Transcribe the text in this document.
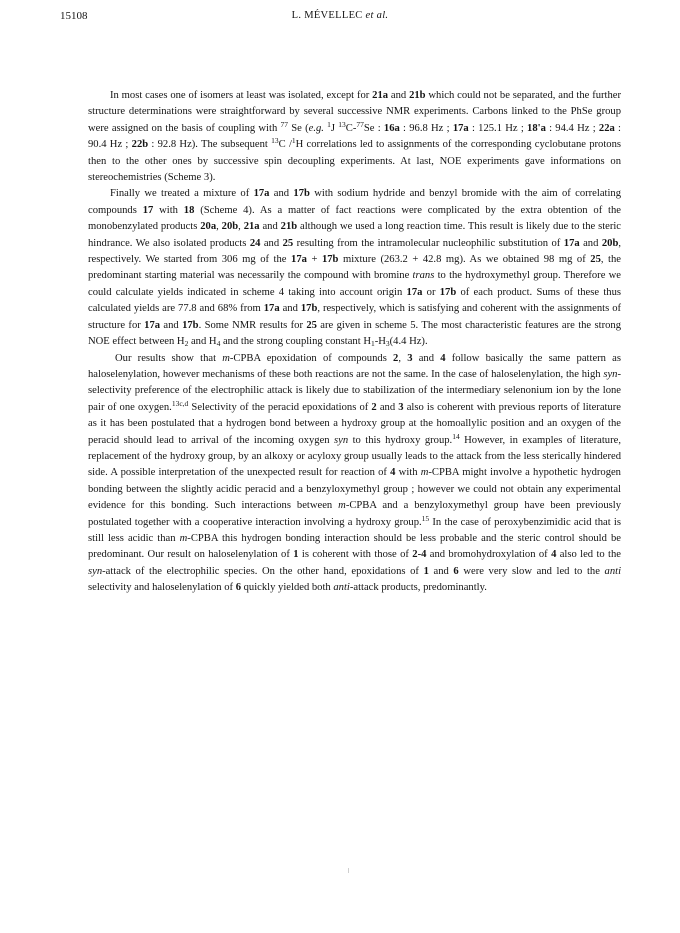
15108	L. MÉVELLEC et al.

In most cases one of isomers at least was isolated, except for 21a and 21b which could not be separated, and the further structure determinations were straightforward by several successive NMR experiments. Carbons linked to the PhSe group were assigned on the basis of coupling with $^{77}$ Se (e.g. $^1$J $^{13}$C-$^{77}$Se : 16a : 96.8 Hz ; 17a : 125.1 Hz ; 18'a : 94.4 Hz ; 22a : 90.4 Hz ; 22b : 92.8 Hz). The subsequent $^{13}$C /$^1$H correlations led to assignments of the corresponding cyclobutane protons then to the other ones by successive spin decoupling experiments. At last, NOE experiments gave informations on stereochemistries (Scheme 3).

Finally we treated a mixture of 17a and 17b with sodium hydride and benzyl bromide with the aim of correlating compounds 17 with 18 (Scheme 4). As a matter of fact reactions were complicated by the extra obtention of the monobenzylated products 20a, 20b, 21a and 21b although we used a long reaction time. This result is likely due to the steric hindrance. We also isolated products 24 and 25 resulting from the intramolecular nucleophilic substitution of 17a and 20b, respectively. We started from 306 mg of the 17a + 17b mixture (263.2 + 42.8 mg). As we obtained 98 mg of 25, the predominant starting material was necessarily the compound with bromine trans to the hydroxymethyl group. Therefore we could calculate yields indicated in scheme 4 taking into account origin 17a or 17b of each product. Sums of these thus calculated yields are 77.8 and 68% from 17a and 17b, respectively, which is satisfying and coherent with the assignments of structure for 17a and 17b. Some NMR results for 25 are given in scheme 5. The most characteristic features are the strong NOE effect between $H_2$ and $H_4$ and the strong coupling constant $H_1-H_3(4.4$ Hz).

Our results show that m-CPBA epoxidation of compounds 2, 3 and 4 follow basically the same pattern as haloselenylation, however mechanisms of these both reactions are not the same. In the case of haloselenylation, the high syn-selectivity preference of the electrophilic attack is likely due to stabilization of the intermediary selenonium ion by the lone pair of one oxygen.$^{13c,d}$ Selectivity of the peracid epoxidations of 2 and 3 also is coherent with previous reports of literature as it has been postulated that a hydrogen bond between a hydroxy group at the homoallylic position and an oxygen of the peracid should lead to arrival of the incoming oxygen syn to this hydroxy group.$^{14}$ However, in examples of literature, replacement of the hydroxy group, by an alkoxy or acyloxy group usually leads to the attack from the less sterically hindered side. A possible interpretation of the unexpected result for reaction of 4 with m-CPBA might involve a hypothetic hydrogen bonding between the slightly acidic peracid and a benzyloxymethyl group ; however we could not obtain any experimental evidence for this bonding. Such interactions between m-CPBA and a benzyloxymethyl group have been previously postulated together with a cooperative interaction involving a hydroxy group.$^{15}$ In the case of peroxybenzimidic acid that is still less acidic than m-CPBA this hydrogen bonding interaction should be less probable and the steric control should be predominant. Our result on haloselenylation of 1 is coherent with those of 2-4 and bromohydroxylation of 4 also led to the syn-attack of the electrophilic species. On the other hand, epoxidations of 1 and 6 were very slow and led to the anti selectivity and haloselenylation of 6 quickly yielded both anti-attack products, predominantly.
